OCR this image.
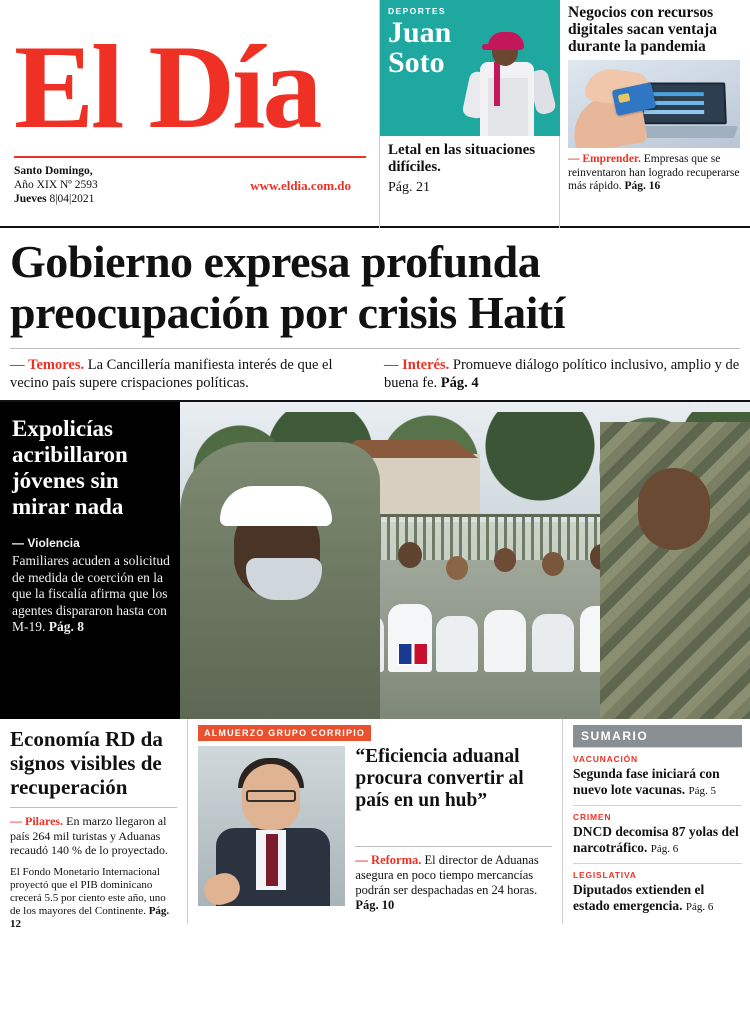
El Día
Santo Domingo,
Año XIX Nº 2593
Jueves 8|04|2021
www.eldia.com.do
DEPORTES
Juan
Soto
Letal en las situaciones difíciles.
Pág. 21
Negocios con recursos digitales sacan ventaja durante la pandemia
— Emprender. Empresas que se reinventaron han logrado recuperarse más rápido. Pág. 16
Gobierno expresa profunda preocupación por crisis Haití
— Temores. La Cancillería manifiesta interés de que el vecino país supere crispaciones políticas.
— Interés. Promueve diálogo político inclusivo, amplio y de buena fe. Pág. 4
Expolicías acribillaron jóvenes sin mirar nada
— Violencia

Familiares acuden a solicitud de medida de coerción en la que la fiscalía afirma que los agentes dispararon hasta con M-19. Pág. 8

ALBERTO CALVO
Economía RD da signos visibles de recuperación
— Pilares. En marzo llegaron al país 264 mil turistas y Aduanas recaudó 140 % de lo proyectado.
El Fondo Monetario Internacional proyectó que el PIB dominicano crecerá 5.5 por ciento este año, uno de los mayores del Continente. Pág. 12
ALMUERZO GRUPO CORRIPIO
“Eficiencia aduanal procura convertir al país en un hub”
— Reforma. El director de Aduanas asegura en poco tiempo mercancías podrán ser despachadas en 24 horas. Pág. 10
SUMARIO
VACUNACIÓN
Segunda fase iniciará con nuevo lote vacunas. Pág. 5
CRIMEN
DNCD decomisa 87 yolas del narcotráfico. Pág. 6
LEGISLATIVA
Diputados extienden el estado emergencia. Pág. 6
